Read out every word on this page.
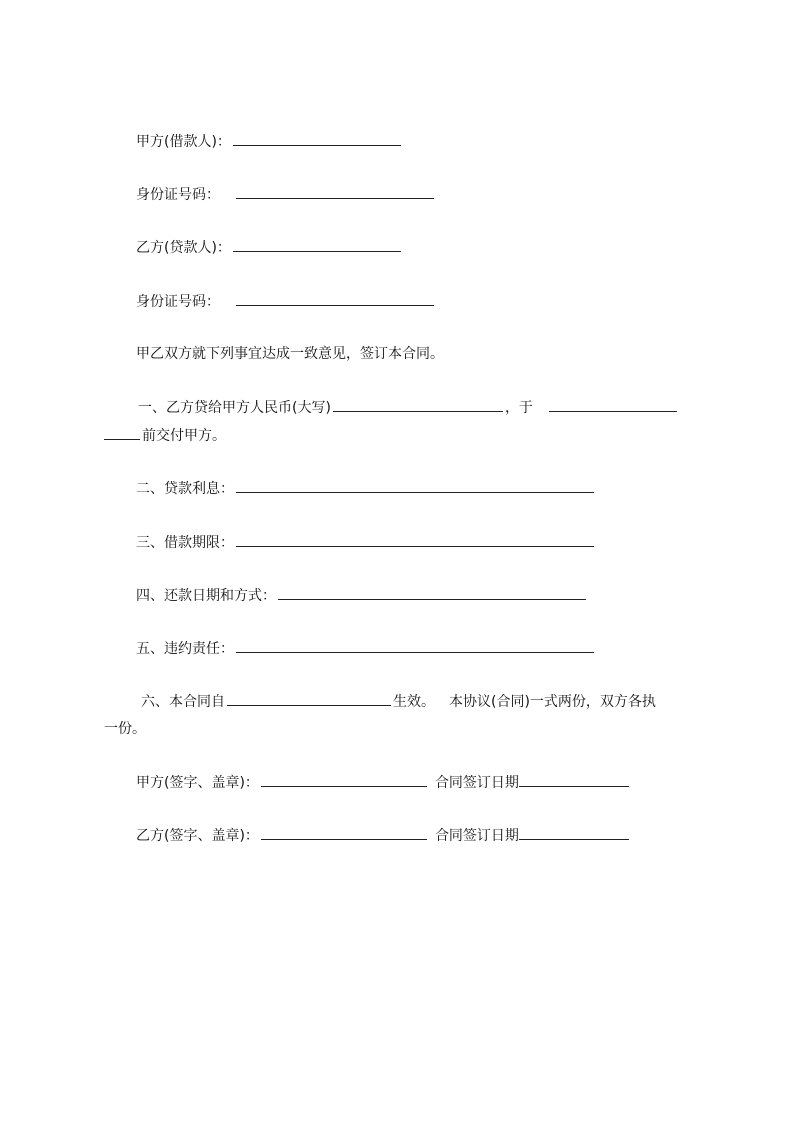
甲方(借款人)：
身份证号码：
乙方(贷款人)：
身份证号码：
甲乙双方就下列事宜达成一致意见，签订本合同。
一、乙方贷给甲方人民币(大写)	，于
前交付甲方。
二、贷款利息：
三、借款期限：
四、还款日期和方式：
五、违约责任：
六、本合同自	生效。 本协议(合同)一式两份，双方各执
一份。
甲方(签字、盖章)：	合同签订日期
乙方(签字、盖章)：	合同签订日期
